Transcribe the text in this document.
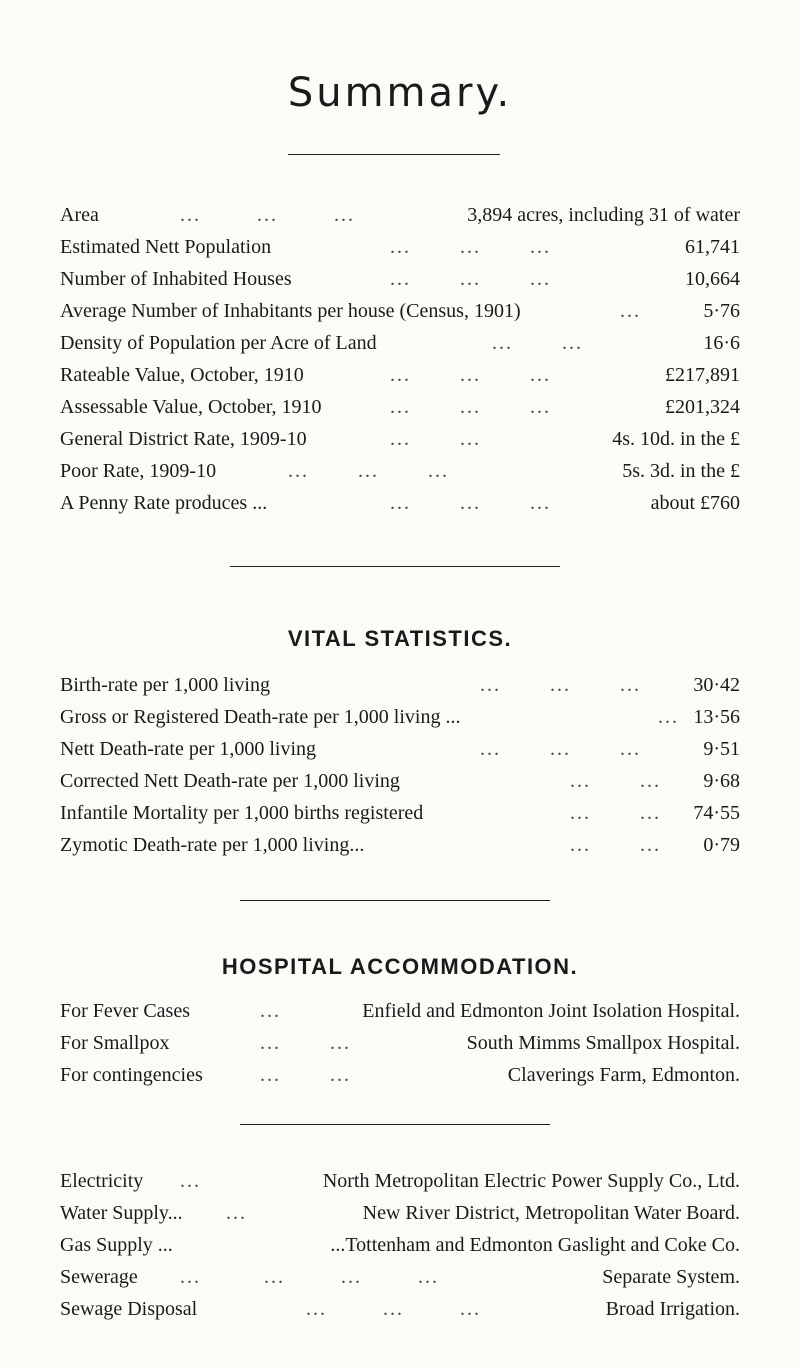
Summary.
Area	...        ...        ...	3,894 acres, including 31 of water
Estimated Nett Population	...       ...       ...	61,741
Number of Inhabited Houses	...       ...       ...	10,664
Average Number of Inhabitants per house (Census, 1901)	...	5·76
Density of Population per Acre of Land	...       ...	16·6
Rateable Value, October, 1910	...       ...       ...	£217,891
Assessable Value, October, 1910	...       ...       ...	£201,324
General District Rate, 1909-10	...       ...	4s. 10d. in the £
Poor Rate, 1909-10	...       ...       ...	5s. 3d. in the £
A Penny Rate produces ...	...       ...       ...	about £760
VITAL STATISTICS.
Birth-rate per 1,000 living	...       ...       ...	30·42
Gross or Registered Death-rate per 1,000 living ...	... 13·56
Nett Death-rate per 1,000 living	...       ...       ...	9·51
Corrected Nett Death-rate per 1,000 living	...       ... 9·68
Infantile Mortality per 1,000 births registered	...       ... 74·55
Zymotic Death-rate per 1,000 living...	...       ... 0·79
HOSPITAL ACCOMMODATION.
For Fever Cases	...	Enfield and Edmonton Joint Isolation Hospital.
For Smallpox	...       ...	South Mimms Smallpox Hospital.
For contingencies	...       ...	Claverings Farm, Edmonton.
Electricity ...	North Metropolitan Electric Power Supply Co., Ltd.
Water Supply... ...	New River District, Metropolitan Water Board.
Gas Supply ...	...Tottenham and Edmonton Gaslight and Coke Co.
Sewerage ...         ...        ...        ...	Separate System.
Sewage Disposal	...        ...        ...	Broad Irrigation.
